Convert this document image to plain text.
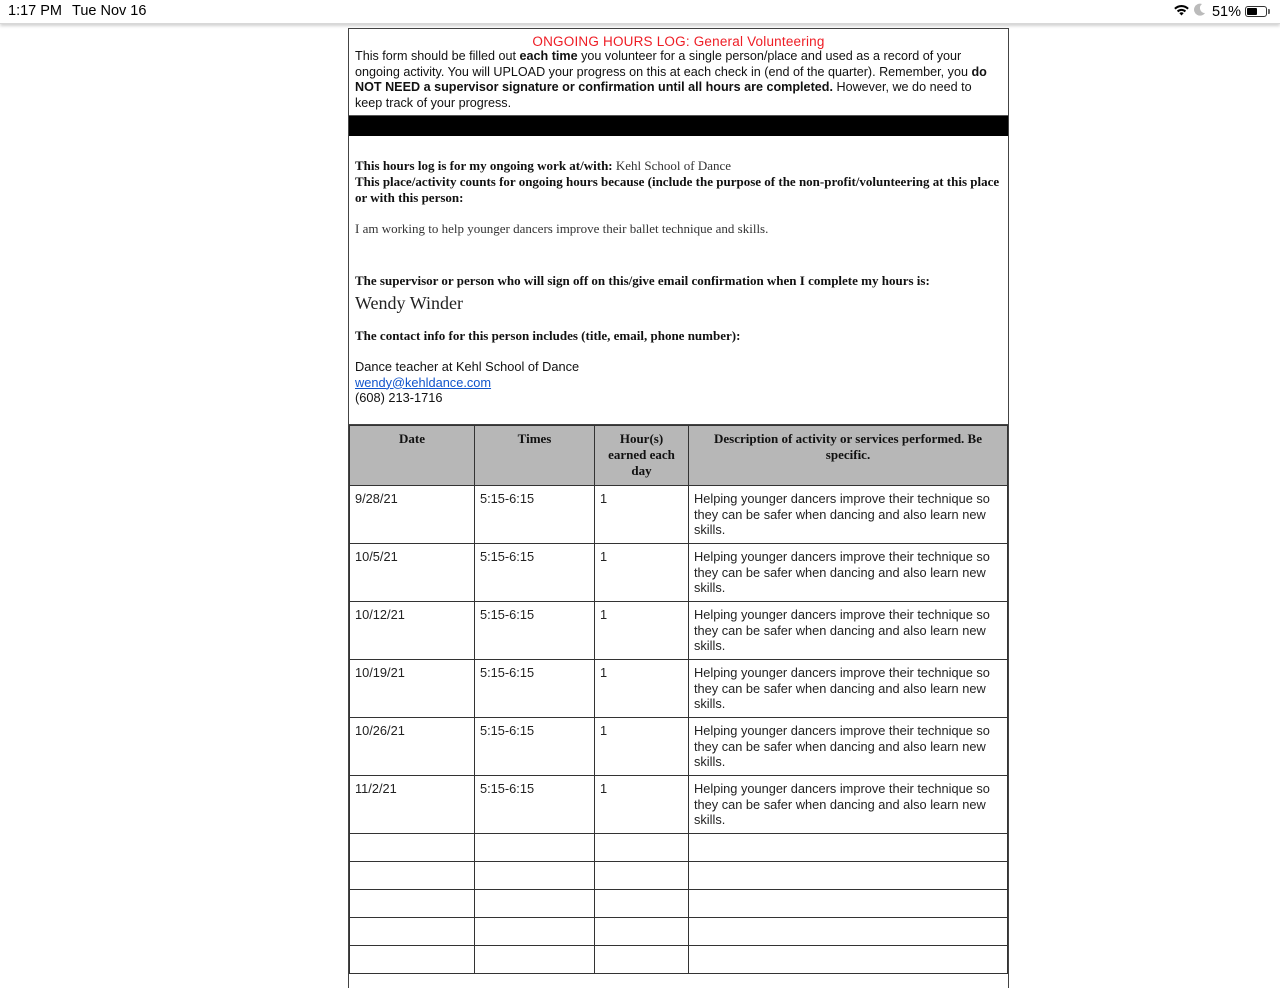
1:17 PM Tue Nov 16	51%
ONGOING HOURS LOG: General Volunteering
This form should be filled out each time you volunteer for a single person/place and used as a record of your ongoing activity. You will UPLOAD your progress on this at each check in (end of the quarter). Remember, you do NOT NEED a supervisor signature or confirmation until all hours are completed. However, we do need to keep track of your progress.
This hours log is for my ongoing work at/with: Kehl School of Dance
This place/activity counts for ongoing hours because (include the purpose of the non-profit/volunteering at this place or with this person:
I am working to help younger dancers improve their ballet technique and skills.
The supervisor or person who will sign off on this/give email confirmation when I complete my hours is:
Wendy Winder
The contact info for this person includes (title, email, phone number):
Dance teacher at Kehl School of Dance
wendy@kehldance.com
(608) 213-1716
Date	Times	Hour(s) earned each day	Description of activity or services performed. Be specific.
9/28/21	5:15-6:15	1	Helping younger dancers improve their technique so they can be safer when dancing and also learn new skills.
10/5/21	5:15-6:15	1	Helping younger dancers improve their technique so they can be safer when dancing and also learn new skills.
10/12/21	5:15-6:15	1	Helping younger dancers improve their technique so they can be safer when dancing and also learn new skills.
10/19/21	5:15-6:15	1	Helping younger dancers improve their technique so they can be safer when dancing and also learn new skills.
10/26/21	5:15-6:15	1	Helping younger dancers improve their technique so they can be safer when dancing and also learn new skills.
11/2/21	5:15-6:15	1	Helping younger dancers improve their technique so they can be safer when dancing and also learn new skills.
